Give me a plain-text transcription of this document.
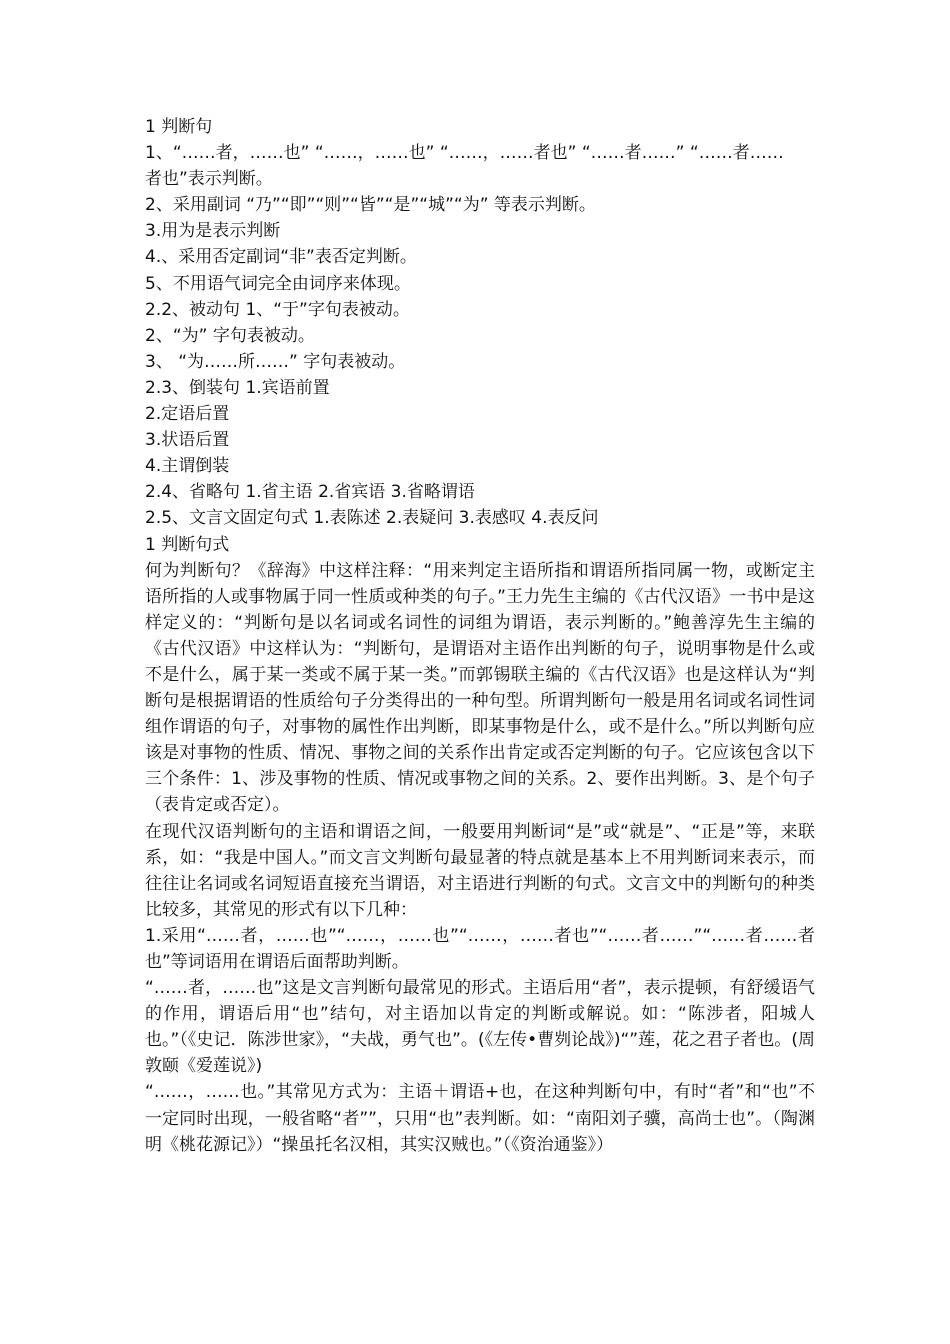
1 判断句
1、“……者，……也” “……，……也” “……，……者也” “……者……” “……者……
者也”表示判断。
2、采用副词 “乃”“即”“则”“皆”“是”“城”“为” 等表示判断。
3.用为是表示判断
4.、采用否定副词“非”表否定判断。
5、不用语气词完全由词序来体现。
2.2、被动句 1、“于”字句表被动。
2、“为” 字句表被动。
3、 “为……所……” 字句表被动。
2.3、倒装句 1.宾语前置
2.定语后置
3.状语后置
4.主谓倒装
2.4、省略句 1.省主语 2.省宾语 3.省略谓语
2.5、文言文固定句式 1.表陈述 2.表疑问 3.表感叹 4.表反问
1 判断句式
何为判断句？《辞海》中这样注释：“用来判定主语所指和谓语所指同属一物，或断定主语所指的人或事物属于同一性质或种类的句子。”王力先生主编的《古代汉语》一书中是这样定义的：“判断句是以名词或名词性的词组为谓语，表示判断的。”鲍善淳先生主编的《古代汉语》中这样认为：“判断句，是谓语对主语作出判断的句子，说明事物是什么或不是什么，属于某一类或不属于某一类。”而郭锡联主编的《古代汉语》也是这样认为“判断句是根据谓语的性质给句子分类得出的一种句型。所谓判断句一般是用名词或名词性词组作谓语的句子，对事物的属性作出判断，即某事物是什么，或不是什么。”所以判断句应该是对事物的性质、情况、事物之间的关系作出肯定或否定判断的句子。它应该包含以下三个条件：1、涉及事物的性质、情况或事物之间的关系。2、要作出判断。3、是个句子（表肯定或否定）。
在现代汉语判断句的主语和谓语之间，一般要用判断词“是”或“就是”、“正是”等，来联系，如：“我是中国人。”而文言文判断句最显著的特点就是基本上不用判断词来表示，而往往让名词或名词短语直接充当谓语，对主语进行判断的句式。文言文中的判断句的种类比较多，其常见的形式有以下几种：
1.采用“……者，……也”“……，……也”“……，……者也”“……者……”“……者……者也”等词语用在谓语后面帮助判断。
“……者，……也”这是文言判断句最常见的形式。主语后用“者”，表示提顿，有舒缓语气的作用，谓语后用“也”结句，对主语加以肯定的判断或解说。如：“陈涉者，阳城人也。”（《史记．陈涉世家》，“夫战，勇气也”。(《左传•曹刿论战》)“”莲，花之君子者也。(周敦颐《爱莲说》)
“……，……也。”其常见方式为：主语＋谓语+也，在这种判断句中，有时“者”和“也”不一定同时出现，一般省略“者””，只用“也”表判断。如：“南阳刘子骥，高尚士也”。（陶渊明《桃花源记》）“操虽托名汉相，其实汉贼也。”（《资治通鉴》）
